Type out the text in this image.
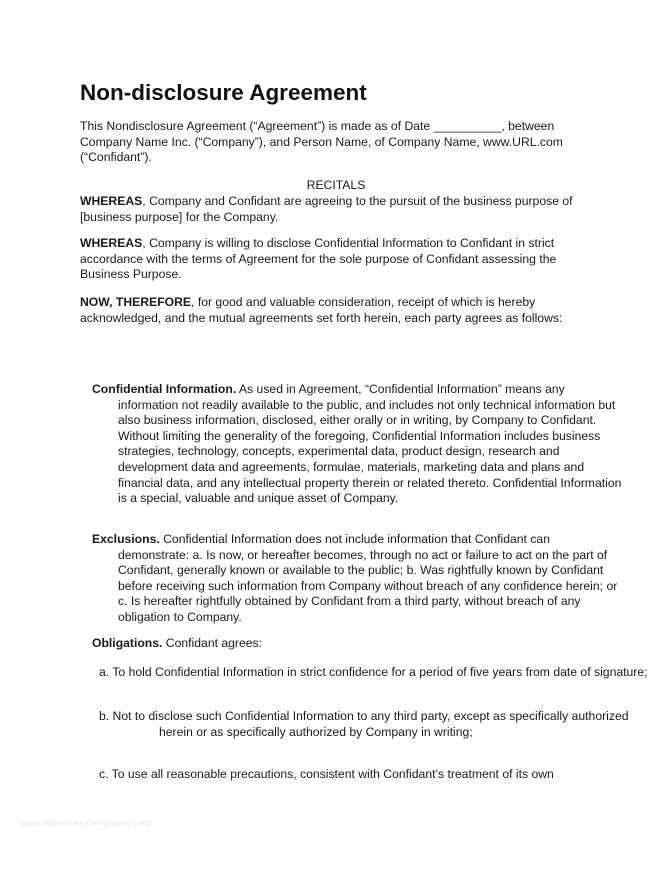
Non-disclosure Agreement

This Nondisclosure Agreement (“Agreement”) is made as of Date __________, between Company Name Inc. (“Company”), and Person Name, of Company Name, www.URL.com (“Confidant”).

RECITALS

WHEREAS, Company and Confidant are agreeing to the pursuit of the business purpose of [business purpose] for the Company.

WHEREAS, Company is willing to disclose Confidential Information to Confidant in strict accordance with the terms of Agreement for the sole purpose of Confidant assessing the Business Purpose.

NOW, THEREFORE, for good and valuable consideration, receipt of which is hereby acknowledged, and the mutual agreements set forth herein, each party agrees as follows:

Confidential Information. As used in Agreement, “Confidential Information” means any information not readily available to the public, and includes not only technical information but also business information, disclosed, either orally or in writing, by Company to Confidant. Without limiting the generality of the foregoing, Confidential Information includes business strategies, technology, concepts, experimental data, product design, research and development data and agreements, formulae, materials, marketing data and plans and financial data, and any intellectual property therein or related thereto. Confidential Information is a special, valuable and unique asset of Company.

Exclusions. Confidential Information does not include information that Confidant can demonstrate: a. Is now, or hereafter becomes, through no act or failure to act on the part of Confidant, generally known or available to the public; b. Was rightfully known by Confidant before receiving such information from Company without breach of any confidence herein; or c. Is hereafter rightfully obtained by Confidant from a third party, without breach of any obligation to Company.

Obligations. Confidant agrees:

a. To hold Confidential Information in strict confidence for a period of five years from date of signature;

b. Not to disclose such Confidential Information to any third party, except as specifically authorized herein or as specifically authorized by Company in writing;

c. To use all reasonable precautions, consistent with Confidant’s treatment of its own

www.allbusinesstemplates.com
